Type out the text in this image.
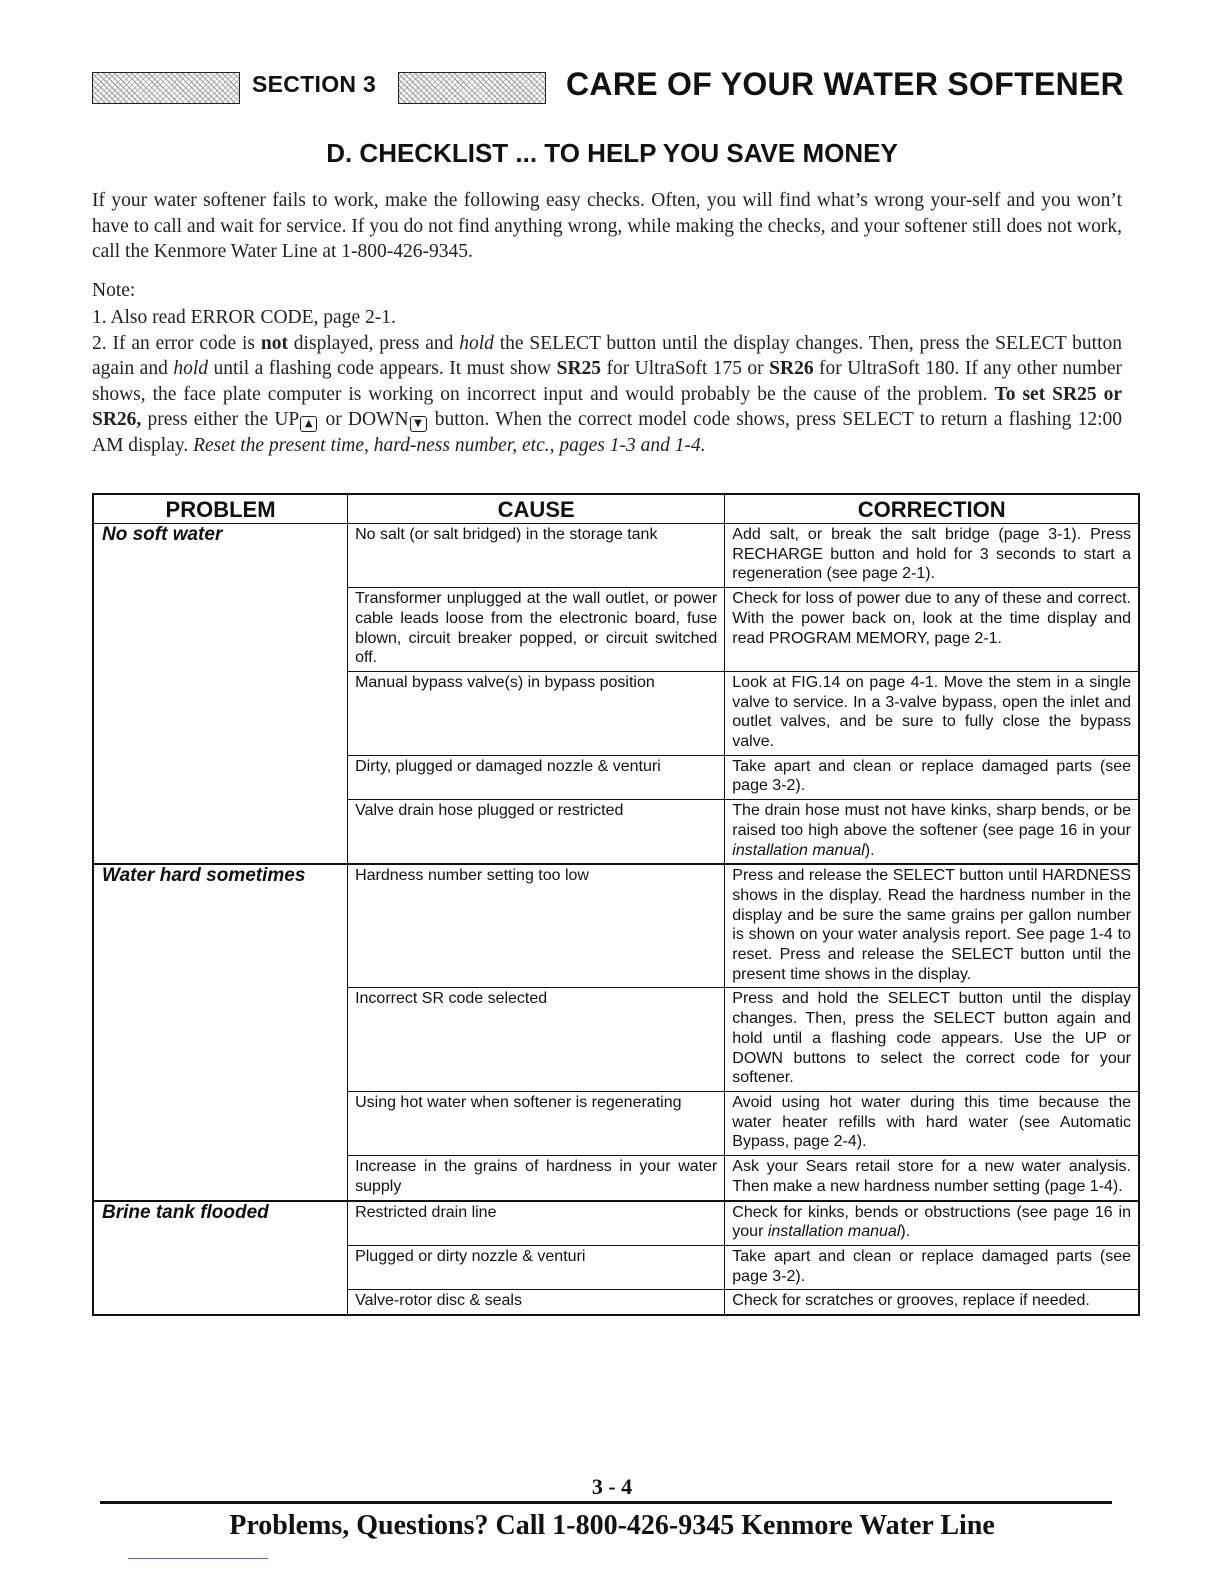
SECTION 3	CARE OF YOUR WATER SOFTENER
D. CHECKLIST ... TO HELP YOU SAVE MONEY
If your water softener fails to work, make the following easy checks. Often, you will find what’s wrong your-self and you won’t have to call and wait for service. If you do not find anything wrong, while making the checks, and your softener still does not work, call the Kenmore Water Line at 1-800-426-9345.
Note:

1. Also read ERROR CODE, page 2-1.

2. If an error code is not displayed, press and hold the SELECT button until the display changes. Then, press the SELECT button again and hold until a flashing code appears. It must show SR25 for UltraSoft 175 or SR26 for UltraSoft 180. If any other number shows, the face plate computer is working on incorrect input and would probably be the cause of the problem. To set SR25 or SR26, press either the UP ▲ or DOWN ▼ button. When the correct model code shows, press SELECT to return a flashing 12:00 AM display. Reset the present time, hard-ness number, etc., pages 1-3 and 1-4.

PROBLEM	CAUSE	CORRECTION
No soft water	No salt (or salt bridged) in the storage tank	Add salt, or break the salt bridge (page 3-1). Press RECHARGE button and hold for 3 seconds to start a regeneration (see page 2-1).
	Transformer unplugged at the wall outlet, or power cable leads loose from the electronic board, fuse blown, circuit breaker popped, or circuit switched off.	Check for loss of power due to any of these and correct. With the power back on, look at the time display and read PROGRAM MEMORY, page 2-1.
	Manual bypass valve(s) in bypass position	Look at FIG.14 on page 4-1. Move the stem in a single valve to service. In a 3-valve bypass, open the inlet and outlet valves, and be sure to fully close the bypass valve.
	Dirty, plugged or damaged nozzle & venturi	Take apart and clean or replace damaged parts (see page 3-2).
	Valve drain hose plugged or restricted	The drain hose must not have kinks, sharp bends, or be raised too high above the softener (see page 16 in your installation manual).
Water hard sometimes	Hardness number setting too low	Press and release the SELECT button until HARDNESS shows in the display. Read the hardness number in the display and be sure the same grains per gallon number is shown on your water analysis report. See page 1-4 to reset. Press and release the SELECT button until the present time shows in the display.
	Incorrect SR code selected	Press and hold the SELECT button until the display changes. Then, press the SELECT button again and hold until a flashing code appears. Use the UP or DOWN buttons to select the correct code for your softener.
	Using hot water when softener is regenerating	Avoid using hot water during this time because the water heater refills with hard water (see Automatic Bypass, page 2-4).
	Increase in the grains of hardness in your water supply	Ask your Sears retail store for a new water analysis. Then make a new hardness number setting (page 1-4).
Brine tank flooded	Restricted drain line	Check for kinks, bends or obstructions (see page 16 in your installation manual).
	Plugged or dirty nozzle & venturi	Take apart and clean or replace damaged parts (see page 3-2).
	Valve-rotor disc & seals	Check for scratches or grooves, replace if needed.
3 - 4
Problems, Questions? Call 1-800-426-9345 Kenmore Water Line
